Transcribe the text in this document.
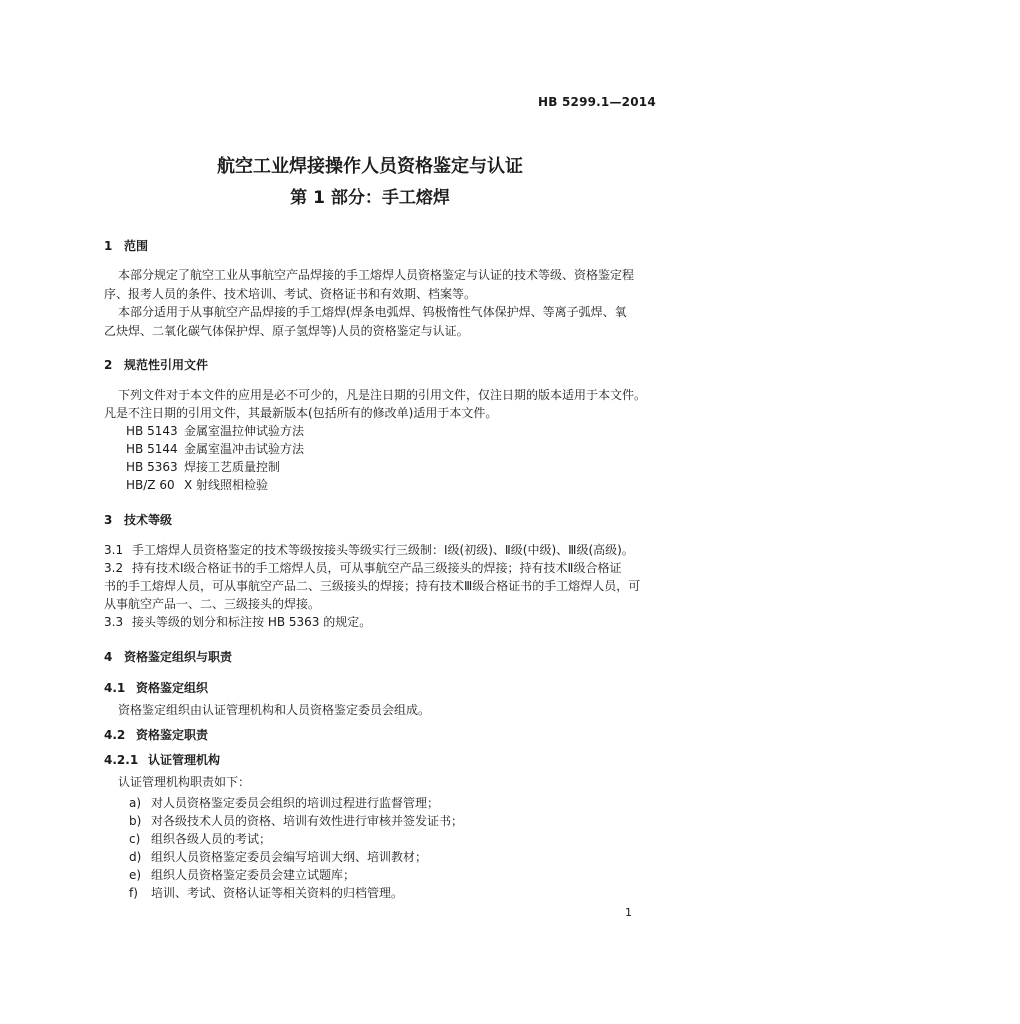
HB 5299.1—2014
航空工业焊接操作人员资格鉴定与认证
第 1 部分：手工熔焊
1 范围
本部分规定了航空工业从事航空产品焊接的手工熔焊人员资格鉴定与认证的技术等级、资格鉴定程
序、报考人员的条件、技术培训、考试、资格证书和有效期、档案等。
本部分适用于从事航空产品焊接的手工熔焊(焊条电弧焊、钨极惰性气体保护焊、等离子弧焊、氧
乙炔焊、二氧化碳气体保护焊、原子氢焊等)人员的资格鉴定与认证。
2 规范性引用文件
下列文件对于本文件的应用是必不可少的，凡是注日期的引用文件，仅注日期的版本适用于本文件。
凡是不注日期的引用文件，其最新版本(包括所有的修改单)适用于本文件。
HB 5143 金属室温拉伸试验方法
HB 5144 金属室温冲击试验方法
HB 5363 焊接工艺质量控制
HB/Z 60 X 射线照相检验
3 技术等级
3.1 手工熔焊人员资格鉴定的技术等级按接头等级实行三级制：Ⅰ级(初级)、Ⅱ级(中级)、Ⅲ级(高级)。
3.2 持有技术Ⅰ级合格证书的手工熔焊人员，可从事航空产品三级接头的焊接；持有技术Ⅱ级合格证
书的手工熔焊人员，可从事航空产品二、三级接头的焊接；持有技术Ⅲ级合格证书的手工熔焊人员，可
从事航空产品一、二、三级接头的焊接。
3.3 接头等级的划分和标注按 HB 5363 的规定。
4 资格鉴定组织与职责
4.1 资格鉴定组织
资格鉴定组织由认证管理机构和人员资格鉴定委员会组成。
4.2 资格鉴定职责
4.2.1 认证管理机构
认证管理机构职责如下：
a) 对人员资格鉴定委员会组织的培训过程进行监督管理；
b) 对各级技术人员的资格、培训有效性进行审核并签发证书；
c) 组织各级人员的考试；
d) 组织人员资格鉴定委员会编写培训大纲、培训教材；
e) 组织人员资格鉴定委员会建立试题库；
f) 培训、考试、资格认证等相关资料的归档管理。
1
